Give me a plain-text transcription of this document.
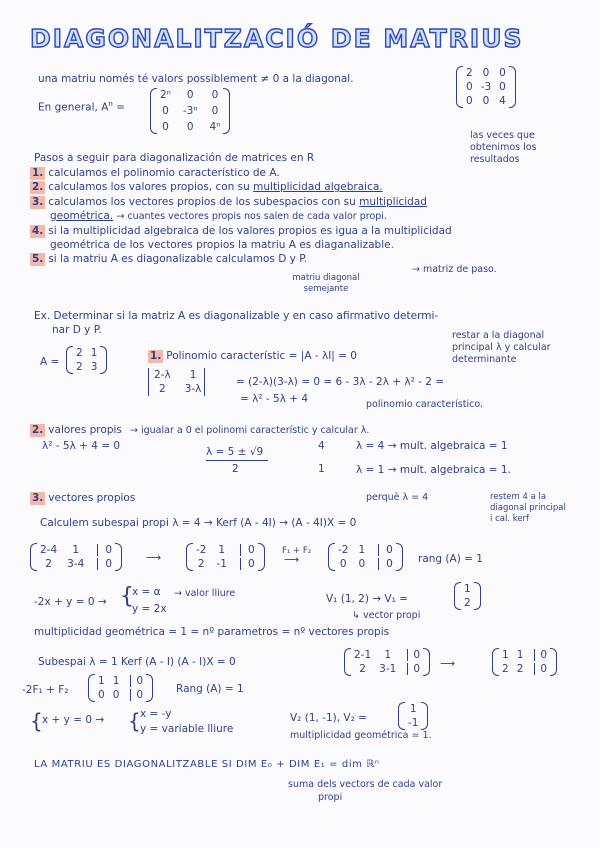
DIAGONALITZACIÓ DE MATRIUS
una matriu només té valors possiblement ≠ 0 a la diagonal.	2 0 0
0 -3 0
0 0 4
En general, $A^n$ =
2ⁿ	0	0
0 -3ⁿ 0
0	0	4ⁿ
las veces que obtenimos los resultados
Pasos a seguir para diagonalización de matrices en R
1. calculamos el polinomio característico de A.
2. calculamos los valores propios, con su multiplicidad algebraica.
3. calculamos los vectores propios de los subespacios con su multiplicidad
geométrica. → cuantes vectores propis nos salen de cada valor propi.
4. si la multiplicidad algebraica de los valores propios es igua a la multiplicidad
geométrica de los vectores propios la matriu A es diaganalizable.
5. si la matriu A es diagonalizable calculamos D y P.
→ matriz de paso.
matriu diagonal semejante
Ex. Determinar si la matriz A es diagonalizable y en caso afirmativo determi-
nar D y P.
A =
2 1
2 3
1. Polinomio característic = |A - λI| = 0
restar a la diagonal principal λ y calcular determinante
2-λ	1
2	3-λ
= (2-λ)(3-λ) = 0 = 6 - 3λ - 2λ + λ² - 2 =
= λ² - 5λ + 4	polinomio característico.
2. valores propis → igualar a 0 el polinomi característic y calcular λ.
λ² - 5λ + 4 = 0	λ = 5 ± √9
2
4
1
λ = 4 → mult. algebraica = 1
λ = 1 → mult. algebraica = 1.
3. vectores propios	perquè λ = 4	restem 4 a la diagonal principal i cal. kerf
Calculem subespai propi λ = 4 → Kerf (A - 4I) → (A - 4I)X = 0
2-4	1	0
2	3-4 0	⟶
-2 1 0
2 -1 0
F₁ + F₂
⟶
-2 1 0
0 0 0 rang (A) = 1
-2x + y = 0 → {
x = α
y = 2x
→ valor lliure	V₁ (1, 2) → V₁ =
1
2
↳ vector propi
multiplicidad geométrica = 1 = nº parametros = nº vectores propis
Subespai λ = 1 Kerf (A - I) (A - I)X = 0
2-1	1	0
2	3-1 0 ⟶
1 1 0
2 2 0
-2F₁ + F₂
1 1 0
0 0 0	Rang (A) = 1
{ x + y = 0 → { x = -y
y = variable lliure
V₂ (1, -1), V₂ =
1
-1
multiplicidad geométrica = 1.
LA MATRIU ES DIAGONALITZABLE SI DIM E₀ + DIM E₁ = dim ℝⁿ
suma dels vectors de cada valor
propi
